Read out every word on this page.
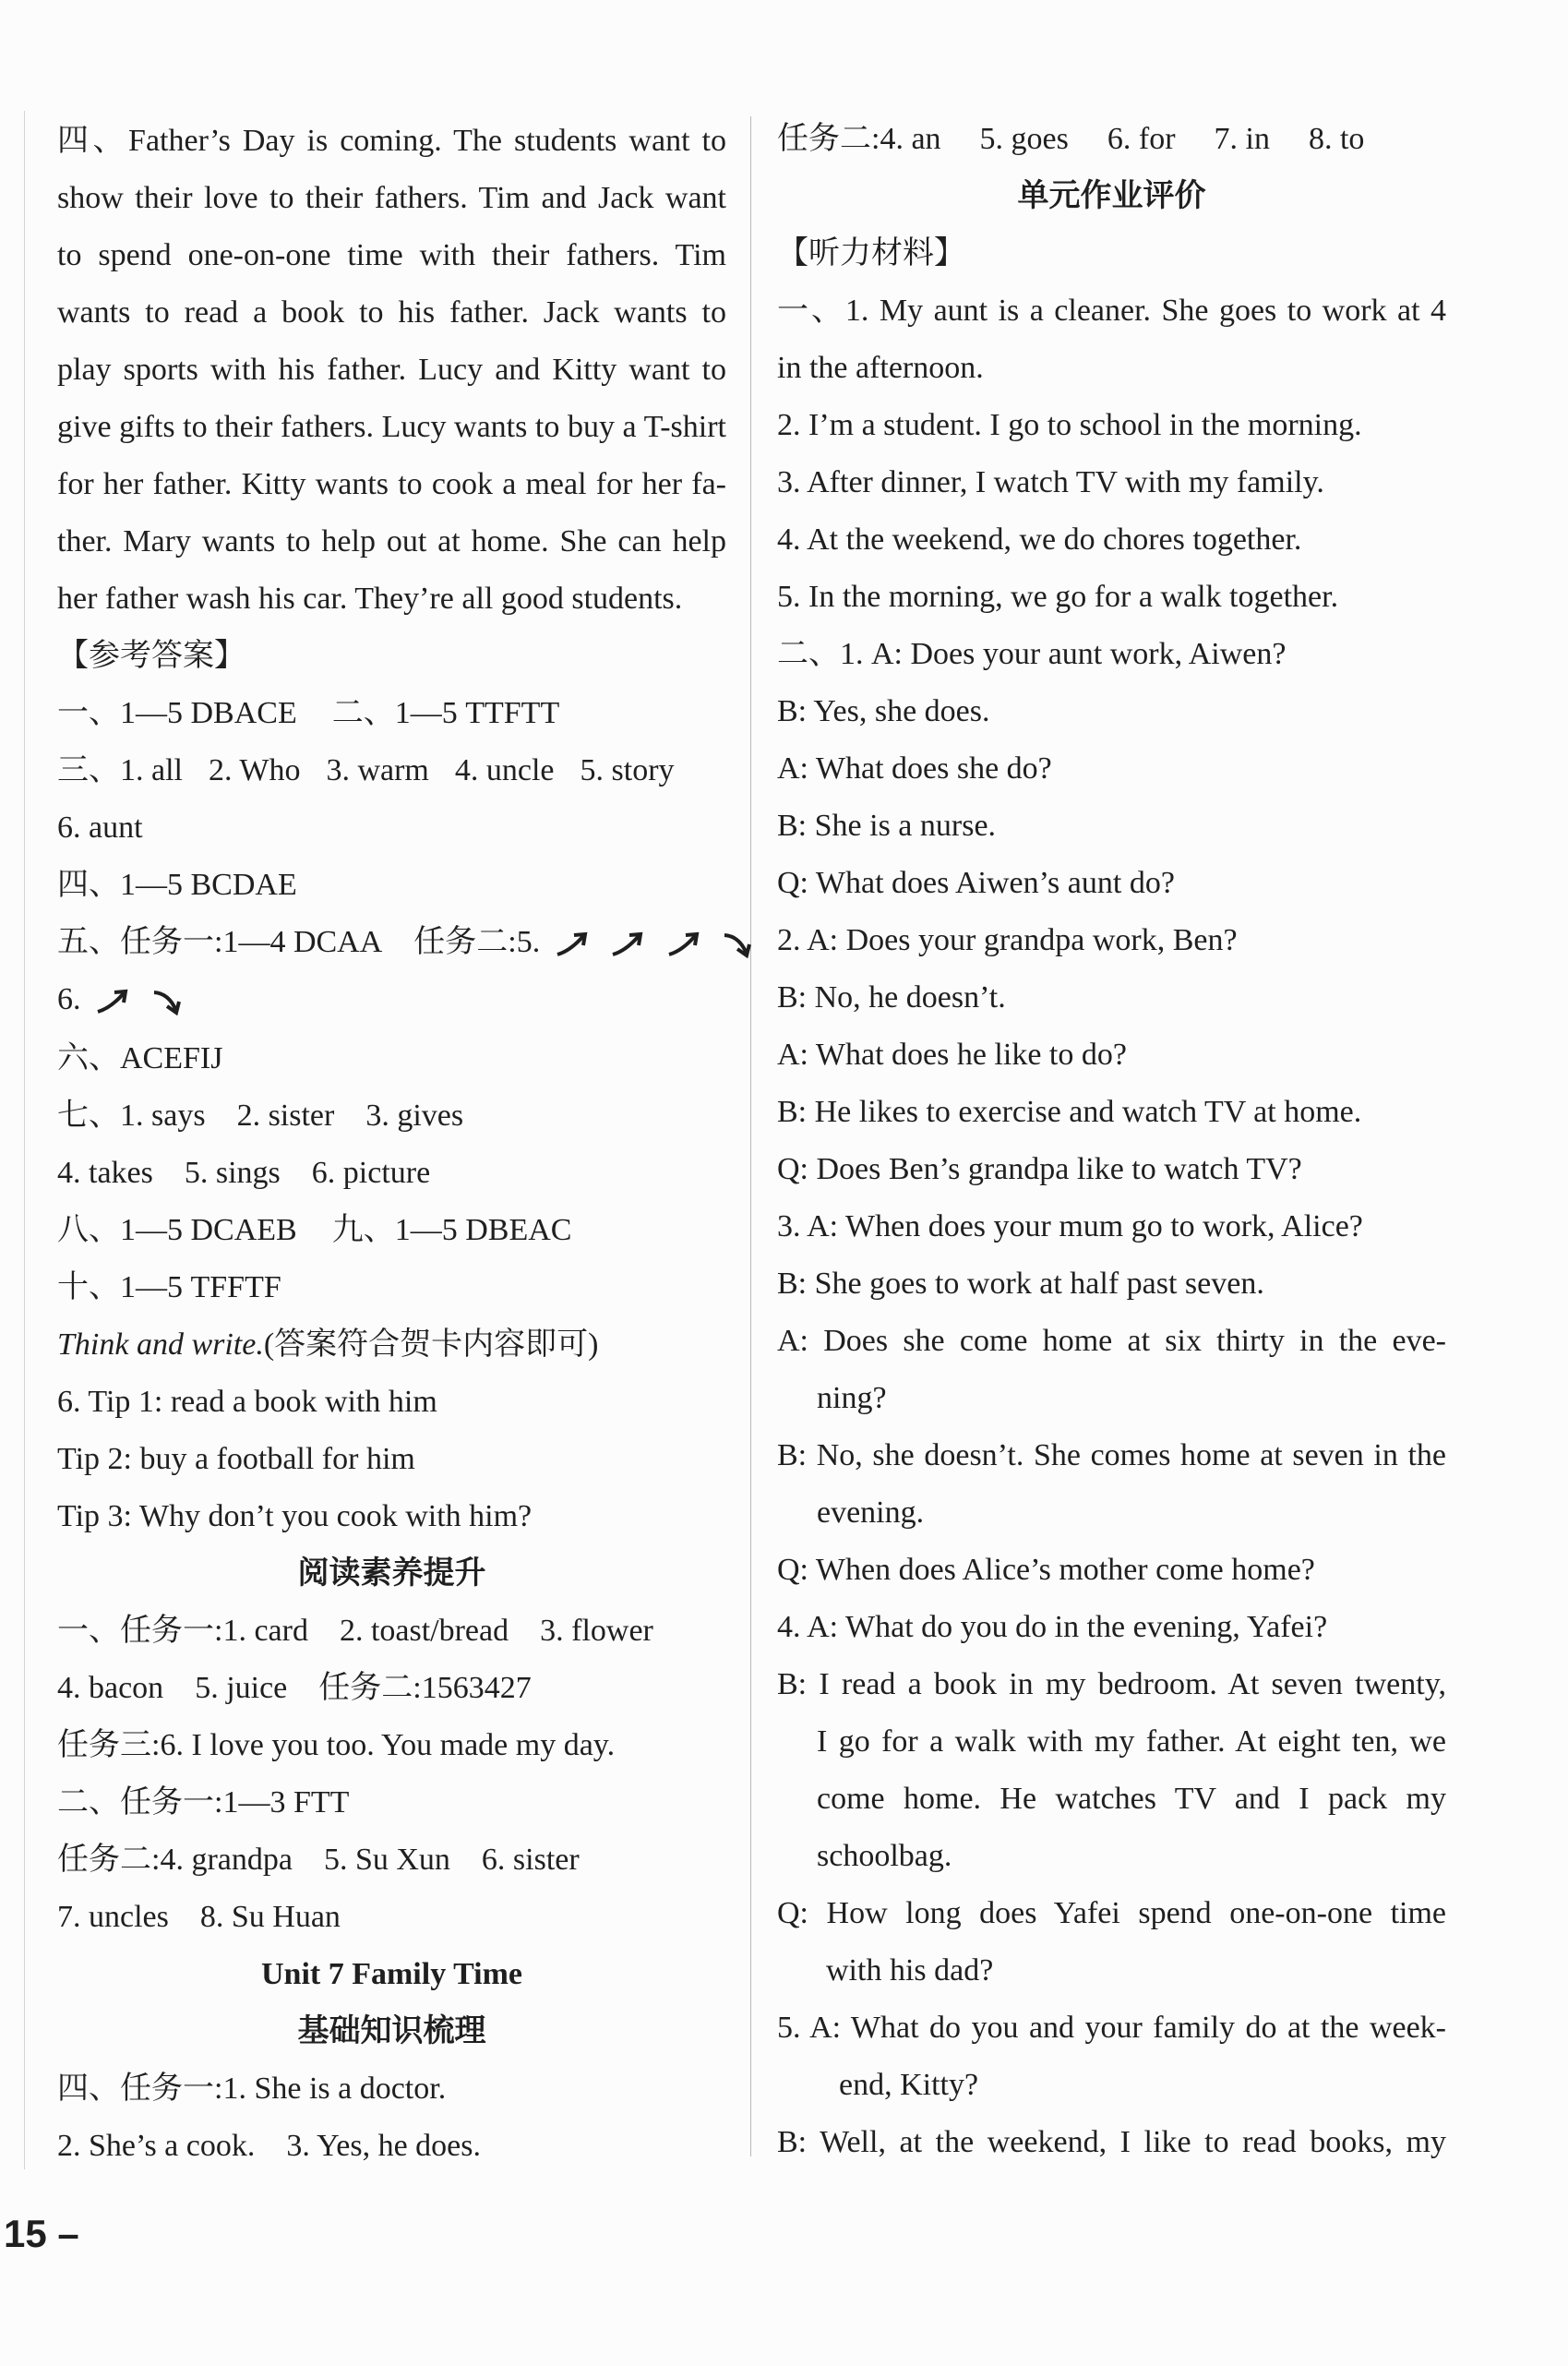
四、Father’s Day is coming. The students want to
show their love to their fathers. Tim and Jack want
to spend one-on-one time with their fathers. Tim
wants to read a book to his father. Jack wants to
play sports with his father. Lucy and Kitty want to
give gifts to their fathers. Lucy wants to buy a T-shirt
for her father. Kitty wants to cook a meal for her fa-
ther. Mary wants to help out at home. She can help
her father wash his car. They’re all good students.
【参考答案】
一、1—5 DBACE 二、1—5 TTFTT
三、1. all 2. Who 3. warm 4. uncle 5. story
6. aunt
四、1—5 BCDAE
五、任务一:1—4 DCAA 任务二:5.
6.
六、ACEFIJ
七、1. says 2. sister 3. gives
4. takes 5. sings 6. picture
八、1—5 DCAEB 九、1—5 DBEAC
十、1—5 TFFTF
Think and write.(答案符合贺卡内容即可)
6. Tip 1: read a book with him
Tip 2: buy a football for him
Tip 3: Why don’t you cook with him?
阅读素养提升
一、任务一:1. card 2. toast/bread 3. flower
4. bacon 5. juice 任务二:1563427
任务三:6. I love you too. You made my day.
二、任务一:1—3 FTT
任务二:4. grandpa 5. Su Xun 6. sister
7. uncles 8. Su Huan
Unit 7 Family Time
基础知识梳理
四、任务一:1. She is a doctor.
2. She’s a cook. 3. Yes, he does.
任务二:4. an 5. goes 6. for 7. in 8. to
单元作业评价
【听力材料】
一、1. My aunt is a cleaner. She goes to work at 4
in the afternoon.
2. I’m a student. I go to school in the morning.
3. After dinner, I watch TV with my family.
4. At the weekend, we do chores together.
5. In the morning, we go for a walk together.
二、1. A: Does your aunt work, Aiwen?
B: Yes, she does.
A: What does she do?
B: She is a nurse.
Q: What does Aiwen’s aunt do?
2. A: Does your grandpa work, Ben?
B: No, he doesn’t.
A: What does he like to do?
B: He likes to exercise and watch TV at home.
Q: Does Ben’s grandpa like to watch TV?
3. A: When does your mum go to work, Alice?
B: She goes to work at half past seven.
A: Does she come home at six thirty in the eve-
ning?
B: No, she doesn’t. She comes home at seven in the
evening.
Q: When does Alice’s mother come home?
4. A: What do you do in the evening, Yafei?
B: I read a book in my bedroom. At seven twenty,
I go for a walk with my father. At eight ten, we
come home. He watches TV and I pack my
schoolbag.
Q: How long does Yafei spend one-on-one time
with his dad?
5. A: What do you and your family do at the week-
end, Kitty?
B: Well, at the weekend, I like to read books, my
15 –
